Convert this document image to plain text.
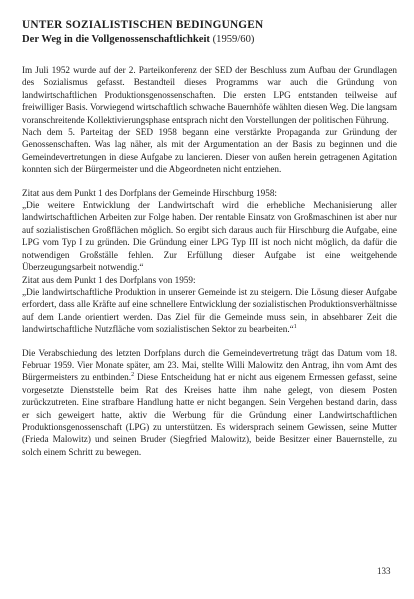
UNTER SOZIALISTISCHEN BEDINGUNGEN
Der Weg in die Vollgenossenschaftlichkeit (1959/60)

Im Juli 1952 wurde auf der 2. Parteikonferenz der SED der Beschluss zum Aufbau der Grundlagen des Sozialismus gefasst. Bestandteil dieses Programms war auch die Gründung von landwirtschaftlichen Produktionsgenossenschaften. Die ersten LPG entstanden teilweise auf freiwilliger Basis. Vorwiegend wirtschaftlich schwache Bauernhöfe wählten diesen Weg. Die langsam voranschreitende Kollektivierungsphase entsprach nicht den Vorstellungen der politischen Führung.

Nach dem 5. Parteitag der SED 1958 begann eine verstärkte Propaganda zur Gründung der Genossenschaften. Was lag näher, als mit der Argumentation an der Basis zu beginnen und die Gemeindevertretungen in diese Aufgabe zu lancieren. Dieser von außen herein getragenen Agitation konnten sich der Bürgermeister und die Abgeordneten nicht entziehen.

Zitat aus dem Punkt 1 des Dorfplans der Gemeinde Hirschburg 1958:

„Die weitere Entwicklung der Landwirtschaft wird die erhebliche Mechanisierung aller landwirtschaftlichen Arbeiten zur Folge haben. Der rentable Einsatz von Großmaschinen ist aber nur auf sozialistischen Großflächen möglich. So ergibt sich daraus auch für Hirschburg die Aufgabe, eine LPG vom Typ I zu gründen. Die Gründung einer LPG Typ III ist noch nicht möglich, da dafür die notwendigen Großställe fehlen. Zur Erfüllung dieser Aufgabe ist eine weitgehende Überzeugungsarbeit notwendig.“

Zitat aus dem Punkt 1 des Dorfplans von 1959:

„Die landwirtschaftliche Produktion in unserer Gemeinde ist zu steigern. Die Lösung dieser Aufgabe erfordert, dass alle Kräfte auf eine schnellere Entwicklung der sozialistischen Produktionsverhältnisse auf dem Lande orientiert werden. Das Ziel für die Gemeinde muss sein, in absehbarer Zeit die landwirtschaftliche Nutzfläche vom sozialistischen Sektor zu bearbeiten.“$^1$

Die Verabschiedung des letzten Dorfplans durch die Gemeindevertretung trägt das Datum vom 18. Februar 1959. Vier Monate später, am 23. Mai, stellte Willi Malowitz den Antrag, ihn vom Amt des Bürgermeisters zu entbinden.$^2$ Diese Entscheidung hat er nicht aus eigenem Ermessen gefasst, seine vorgesetzte Dienststelle beim Rat des Kreises hatte ihm nahe gelegt, von diesem Posten zurückzutreten. Eine strafbare Handlung hatte er nicht begangen. Sein Vergehen bestand darin, dass er sich geweigert hatte, aktiv die Werbung für die Gründung einer Landwirtschaftlichen Produktionsgenossenschaft (LPG) zu unterstützen. Es widersprach seinem Gewissen, seine Mutter (Frieda Malowitz) und seinen Bruder (Siegfried Malowitz), beide Besitzer einer Bauernstelle, zu solch einem Schritt zu bewegen.

133
